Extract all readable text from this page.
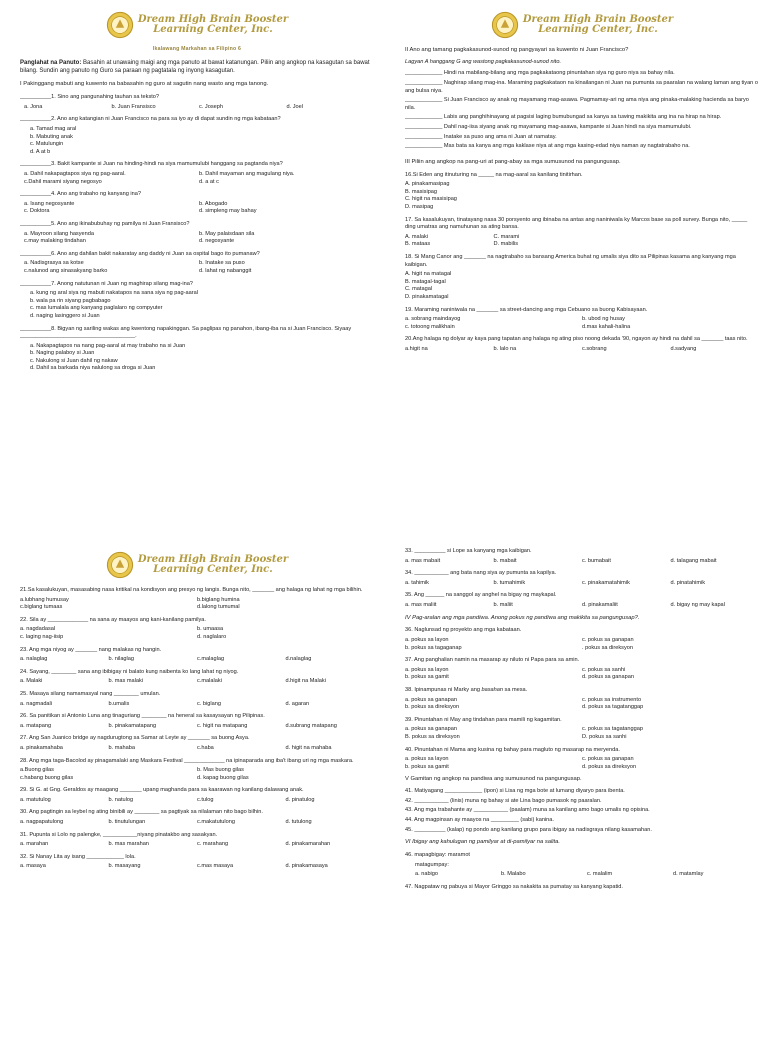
Dream High Brain Booster
Learning Center, Inc.
Ikalawang Markahan sa Filipino 6

Panglahat na Panuto: Basahin at unawaing maigi ang mga panuto at bawat katanungan. Piliin ang angkop na kasagutan sa bawat bilang. Sundin ang panuto ng Guro sa paraan ng pagtatala ng inyong kasagutan.

I Pakinggang mabuti ang kuwento na babasahin ng guro at sagutin nang wasto ang mga tanong.

__________1. Sino ang pangunahing tauhan sa teksto?

a. Jona	b. Juan Fransisco	c. Joseph	d. Joel

__________2. Ano ang katangian ni Juan Francisco na para sa iyo ay di dapat sundin ng mga kabataan?

a. Tamad mag aral
b. Mabuting anak
c. Matulungin
d. A at b

__________3. Bakit kampante si Juan na hinding-hindi na siya mamumulubi hanggang sa pagtanda niya?

a. Dahil nakapagtapos siya ng pag-aaral.	b. Dahil mayaman ang magulang niya.
c.Dahil marami siyang negosyo	d. a at c

__________4. Ano ang trabaho ng kanyang ina?

a. Isang negosyante	b. Abogado
c. Doktora	d. simpleng may bahay

__________5. Ano ang ikinabubuhay ng pamilya ni Juan Fransisco?

a. Mayroon silang hasyenda	b. May palaisdaan sila
c.may malaking tindahan	d. negosyante

__________6. Ano ang dahilan bakit nakaratay ang daddy ni Juan sa ospital bago ito pumanaw?

a. Nadisgrasya sa kotse	b. Inatake sa puso
c.nalunod ang sinasakyang barko	d. lahat ng nabanggit

__________7. Anong natutunan ni Juan ng maghirap silang mag-ina?

a. kung ng aral siya ng mabuti nakatapos na sana siya ng pag-aaral
b. wala pa rin siyang pagbabago
c. mas lumalala ang kanyang paglalaro ng compyuter
d. naging lasinggero si Juan

__________8. Bigyan ng sariling wakas ang kwentong napakinggan. Sa paglipas ng panahon, ibang-iba na si Juan Francisco. Siyaay _____________________________________.

a. Nakapagtapos na nang pag-aaral at may trabaho na si Juan
b. Naging palaboy si Juan
c. Nakulong si Juan dahil ng nakaw
d. Dahil sa barkada niya nalulong sa droga si Juan
Dream High Brain Booster
Learning Center, Inc.

II Ano ang tamang pagkakasunod-sunod ng pangyayari sa kuwento ni Juan Francisco?

Lagyan A hanggang G ang wastong pagkakasunod-sunod nito.

____________ Hindi na mabilang-bilang ang mga pagkakataong pinuntahan siya ng guro niya sa bahay nila.

____________ Naghirap silang mag-ina. Maraming pagkakataon na kinailangan ni Juan na pumunta sa paaralan na walang laman ang tiyan o ang bulsa niya.

____________ Si Juan Francisco ay anak ng mayamang mag-asawa. Pagmamay-ari ng ama niya ang pinaka-malaking hacienda sa baryo nila.

____________ Labis ang panghihinayang at pagsisi laging bumubungad sa kanya sa tuwing makikita ang ina na hirap na hirap.

____________ Dahil nag-iisa siyang anak ng mayamang mag-asawa, kampante si Juan hindi na siya mamumulubi.

____________ Inatake sa puso ang ama ni Juan at namatay.

____________ Mas bata sa kanya ang mga kaklase niya at ang mga kasing-edad niya naman ay nagtatrabaho na.

III Piliin ang angkop na pang-uri at pang-abay sa mga sumusunod na pangungusap.

16.Si Eden ang itinuturing na _____ na mag-aaral sa kanilang tinitirhan.

A. pinakamasipag
B. masisipag
C. higit na masisipag
D. masipag

17. Sa kasalukuyan, tinatayang nasa 30 porsyento ang ibinaba na antas ang naniniwala ky Marcos base sa poll survey. Bunga nito, _____ ding umatras ang namuhunan sa ating bansa.

A. malaki	C. marami
B. mataas	D. mabilis

18. Si Mang Canor ang _______ na nagtrabaho sa bansang America buhat ng umalis siya dito sa Pilipinas kasama ang kanyang mga kaibigan.

A. higit na matagal
B. matagal-tagal
C. matagal
D. pinakamatagal

19. Maraming naniniwala na _______ sa street-dancing ang mga Cebuano sa buong Kabisayaan.

a. sobrang maindayog	b. ubod ng husay
c. totoong malikhain	d.mas kahali-halina

20.Ang halaga ng dolyar ay kaya pang tapatan ang halaga ng ating piso noong dekada '90, ngayon ay hindi na dahil sa _______ taas nito.

a.higit na	b. lalo na	c.sobrang	d.sadyang
Dream High Brain Booster
Learning Center, Inc.

21.Sa kasalukuyan, masasabing nasa kritikal na kondisyon ang presyo ng langis. Bunga nito, _______ ang halaga ng lahat ng mga bilihin.

a.lubhang humusay	b.biglang humina
c.biglang tumaas	d.lalong tumumal

22. Sila ay _____________ na sana ay maayos ang kani-kanilang pamilya.

a. nagdadasal	b. umaasa
c. laging nag-iisip	d. naglalaro

23. Ang mga niyog ay _______ nang malakas ng hangin.

a. nalaglag	b. nilaglag	c.malaglag	d.nalaglag

24. Sayang, ________ sana ang ibibigay ni balato kung naibenta ko lang lahat ng niyog.

a. Malaki	b. mas malaki	c.malalaki	d.higit na Malaki

25. Masaya silang namamasyal nang ________ umulan.

a. nagmadali	b.umalis	c. biglang	d. agaran

26. Sa panitikan si Antonio Luna ang tinaguriang ________ na heneral sa kasaysayan ng Pilipinas.

a. matapang	b. pinakamatapang	c. higit na matapang	d.subrang matapang

27. Ang San Juanico bridge ay nagdurugtong sa Samar at Leyte ay _______ sa buong Asya.

a. pinakamahaba	b. mahaba	c.haba	d. higit na mahaba

28. Ang mga taga-Bacolod ay pinagamalaki ang Maskara Festival _____________ na ipinaparada ang iba't ibang uri ng mga maskara.

a.Buong gilas	b. Mas buong gilas
c.habang buong gilas	d. kapag buong gilas

29. Si G. at Gng. Geraldos ay maagang _______ upang maghanda para sa kaarawan ng kanilang dalawang anak.

a. matutulog	b. natulog	c.tulog	d. pinatulog

30. Ang pagtingin sa leybel ng ating binibili ay ________ sa pagtiyak sa nilalaman nito bago bilhin.

a. nagpapatulong	b. tinutulungan	c.makatutulong	d. tutulong

31. Pupunta si Lolo ng palengke, ___________niyang pinatakbo ang sasakyan.

a. marahan	b. mas marahan	c. marahang	d. pinakamarahan

32. Si Nanay Lita ay isang ____________ lola.

a. masaya	b. masayang	c.mas masaya	d. pinakamasaya

33. __________ si Lope sa kanyang mga kaibigan.

a. mas mabait	b. mabait	c. bumabait	d. talagang mabait

34. ___________ ang bata nang siya ay pumunta sa kapilya.

a. tahimik	b. tumahimik	c. pinakamatahimik	d. pinatahimik

35. Ang ______ na sanggol ay anghel na bigay ng maykapal.

a. mas maliit	b. maliit	d. pinakamaliit	d. bigay ng may kapal

IV Pag-aralan ang mga pandiwa. Anong pokus ng pandiwa ang makikita sa pangungusap?.

36. Naglunsad ng proyekto ang mga kabataan.

a. pokus sa layon	c. pokus sa ganapan
b. pokus sa tagaganap	. pokus sa direksyon

37. Ang panghalian namin na masarap ay niluto ni Papa para sa amin.

a. pokus sa layon	c. pokus sa sanhi
b. pokus sa gamit	d. pokus sa ganapan

38. Ipinampunas ni Marky ang basahan sa mesa.

a. pokus sa ganapan	c. pokus sa instrumento
b. pokus sa direksyon	d. pokus sa tagatanggap

39. Pinuntahan ni May ang tindahan para mamili ng kagamitan.

a. pokus sa ganapan	c. pokus sa tagatanggap
B. pokus sa direksyon	D. pokus sa sanhi

40. Pinuntahan ni Mama ang kusina ng bahay para magluto ng masarap na meryenda.

a. pokus sa layon	c. pokus sa ganapan
b. pokus sa gamit	d. pokus sa direksyon

V Gamitan ng angkop na pandiwa ang sumusunod na pangungusap.

41. Matiyagang ____________ (ipon) si Lisa ng mga bote at lumang diyaryo para ibenta.

42. ___________ (linis) muna ng bahay si ate Lina bago pumasok ng paaralan.

43. Ang mga trabahante ay ___________ (paalam) muna sa kanilang amo bago umalis ng opisina.

44. Ang magpinsan ay maayos na _________ (sabi) kanina.

45. __________ (kalap) ng pondo ang kanilang grupo para ibigay sa nadisgraya nilang kasamahan.

VI Ibigay ang kahulugan ng pamilyar at di-pamilyar na salita.

46. mapagbigay: maramot

matagumpay:

a. nabigo	b. Malabo	c. malalim	d. matamlay

47. Nagpataw ng pabuya si Mayor Gringgo sa nakakita sa pumatay sa kanyang kapatid.
